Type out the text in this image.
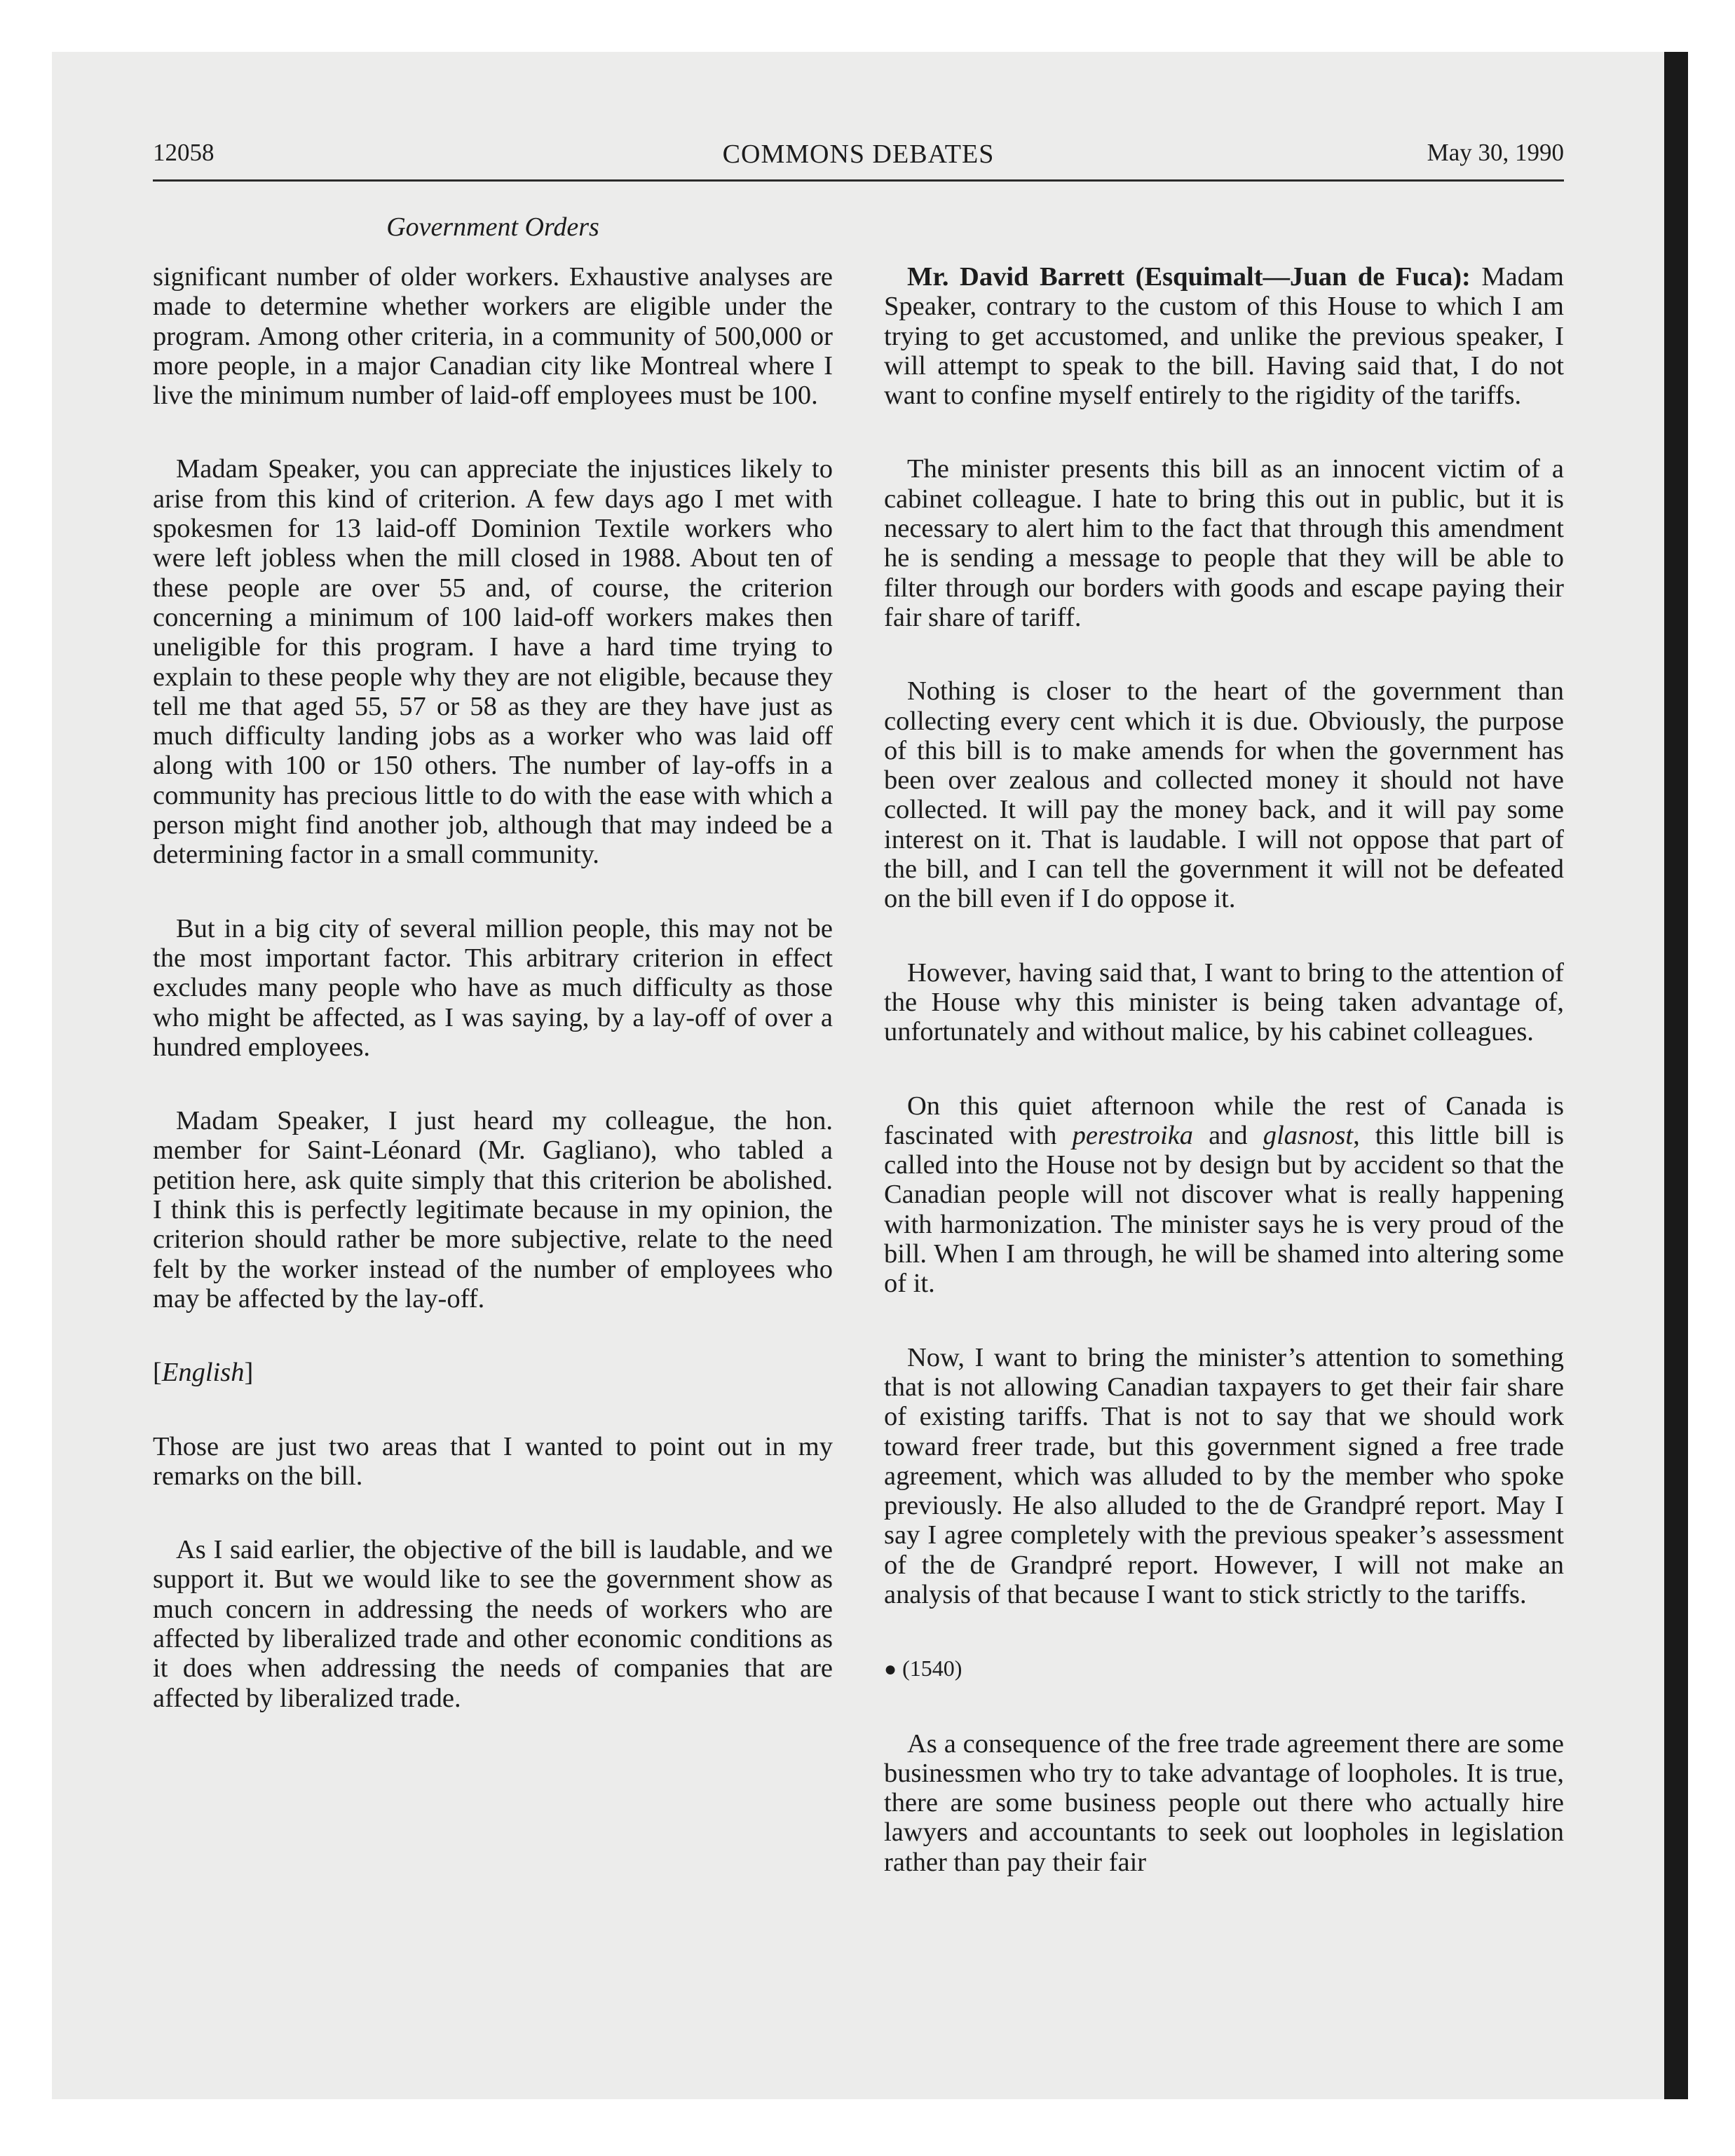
12058	COMMONS DEBATES	May 30, 1990
Government Orders

significant number of older workers. Exhaustive analyses are made to determine whether workers are eligible under the program. Among other criteria, in a community of 500,000 or more people, in a major Canadian city like Montreal where I live the minimum number of laid-off employees must be 100.

Madam Speaker, you can appreciate the injustices likely to arise from this kind of criterion. A few days ago I met with spokesmen for 13 laid-off Dominion Textile workers who were left jobless when the mill closed in 1988. About ten of these people are over 55 and, of course, the criterion concerning a minimum of 100 laid-off workers makes then uneligible for this program. I have a hard time trying to explain to these people why they are not eligible, because they tell me that aged 55, 57 or 58 as they are they have just as much difficulty landing jobs as a worker who was laid off along with 100 or 150 others. The number of lay-offs in a community has precious little to do with the ease with which a person might find another job, although that may indeed be a determining factor in a small community.

But in a big city of several million people, this may not be the most important factor. This arbitrary criterion in effect excludes many people who have as much difficulty as those who might be affected, as I was saying, by a lay-off of over a hundred employees.

Madam Speaker, I just heard my colleague, the hon. member for Saint-Léonard (Mr. Gagliano), who tabled a petition here, ask quite simply that this criterion be abolished. I think this is perfectly legitimate because in my opinion, the criterion should rather be more subjective, relate to the need felt by the worker instead of the number of employees who may be affected by the lay-off.

[English]

Those are just two areas that I wanted to point out in my remarks on the bill.

As I said earlier, the objective of the bill is laudable, and we support it. But we would like to see the government show as much concern in addressing the needs of workers who are affected by liberalized trade and other economic conditions as it does when addressing the needs of companies that are affected by liberalized trade.

Mr. David Barrett (Esquimalt—Juan de Fuca): Madam Speaker, contrary to the custom of this House to which I am trying to get accustomed, and unlike the previous speaker, I will attempt to speak to the bill. Having said that, I do not want to confine myself entirely to the rigidity of the tariffs.

The minister presents this bill as an innocent victim of a cabinet colleague. I hate to bring this out in public, but it is necessary to alert him to the fact that through this amendment he is sending a message to people that they will be able to filter through our borders with goods and escape paying their fair share of tariff.

Nothing is closer to the heart of the government than collecting every cent which it is due. Obviously, the purpose of this bill is to make amends for when the government has been over zealous and collected money it should not have collected. It will pay the money back, and it will pay some interest on it. That is laudable. I will not oppose that part of the bill, and I can tell the government it will not be defeated on the bill even if I do oppose it.

However, having said that, I want to bring to the attention of the House why this minister is being taken advantage of, unfortunately and without malice, by his cabinet colleagues.

On this quiet afternoon while the rest of Canada is fascinated with perestroika and glasnost, this little bill is called into the House not by design but by accident so that the Canadian people will not discover what is really happening with harmonization. The minister says he is very proud of the bill. When I am through, he will be shamed into altering some of it.

Now, I want to bring the minister’s attention to something that is not allowing Canadian taxpayers to get their fair share of existing tariffs. That is not to say that we should work toward freer trade, but this government signed a free trade agreement, which was alluded to by the member who spoke previously. He also alluded to the de Grandpré report. May I say I agree completely with the previous speaker’s assessment of the de Grandpré report. However, I will not make an analysis of that because I want to stick strictly to the tariffs.

● (1540)

As a consequence of the free trade agreement there are some businessmen who try to take advantage of loopholes. It is true, there are some business people out there who actually hire lawyers and accountants to seek out loopholes in legislation rather than pay their fair
